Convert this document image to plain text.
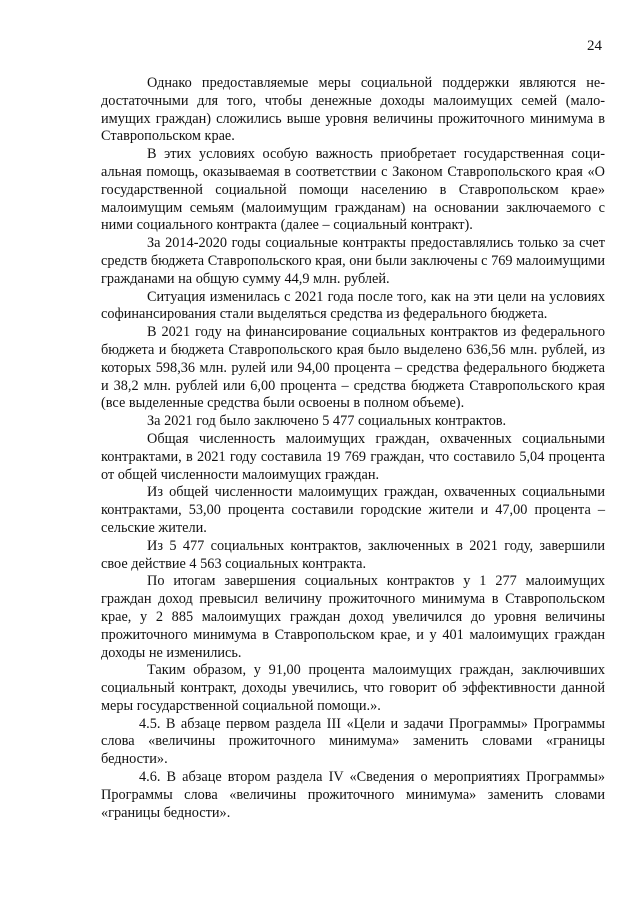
24

Однако предоставляемые меры социальной поддержки являются недостаточными для того, чтобы денежные доходы малоимущих семей (малоимущих граждан) сложились выше уровня величины прожиточного минимума в Ставропольском крае.

В этих условиях особую важность приобретает государственная социальная помощь, оказываемая в соответствии с Законом Ставропольского края «О государственной социальной помощи населению в Ставропольском крае» малоимущим семьям (малоимущим гражданам) на основании заключаемого с ними социального контракта (далее – социальный контракт).

За 2014-2020 годы социальные контракты предоставлялись только за счет средств бюджета Ставропольского края, они были заключены с 769 малоимущими гражданами на общую сумму 44,9 млн. рублей.

Ситуация изменилась с 2021 года после того, как на эти цели на условиях софинансирования стали выделяться средства из федерального бюджета.

В 2021 году на финансирование социальных контрактов из федерального бюджета и бюджета Ставропольского края было выделено 636,56 млн. рублей, из которых 598,36 млн. рулей или 94,00 процента – средства федерального бюджета и 38,2 млн. рублей или 6,00 процента – средства бюджета Ставропольского края (все выделенные средства были освоены в полном объеме).

За 2021 год было заключено 5 477 социальных контрактов.

Общая численность малоимущих граждан, охваченных социальными контрактами, в 2021 году составила 19 769 граждан, что составило 5,04 процента от общей численности малоимущих граждан.

Из общей численности малоимущих граждан, охваченных социальными контрактами, 53,00 процента составили городские жители и 47,00 процента – сельские жители.

Из 5 477 социальных контрактов, заключенных в 2021 году, завершили свое действие 4 563 социальных контракта.

По итогам завершения социальных контрактов у 1 277 малоимущих граждан доход превысил величину прожиточного минимума в Ставропольском крае, у 2 885 малоимущих граждан доход увеличился до уровня величины прожиточного минимума в Ставропольском крае, и у 401 малоимущих граждан доходы не изменились.

Таким образом, у 91,00 процента малоимущих граждан, заключивших социальный контракт, доходы увечились, что говорит об эффективности данной меры государственной социальной помощи.».

4.5. В абзаце первом раздела III «Цели и задачи Программы» Программы слова «величины прожиточного минимума» заменить словами «границы бедности».

4.6. В абзаце втором раздела IV «Сведения о мероприятиях Программы» Программы слова «величины прожиточного минимума» заменить словами «границы бедности».
